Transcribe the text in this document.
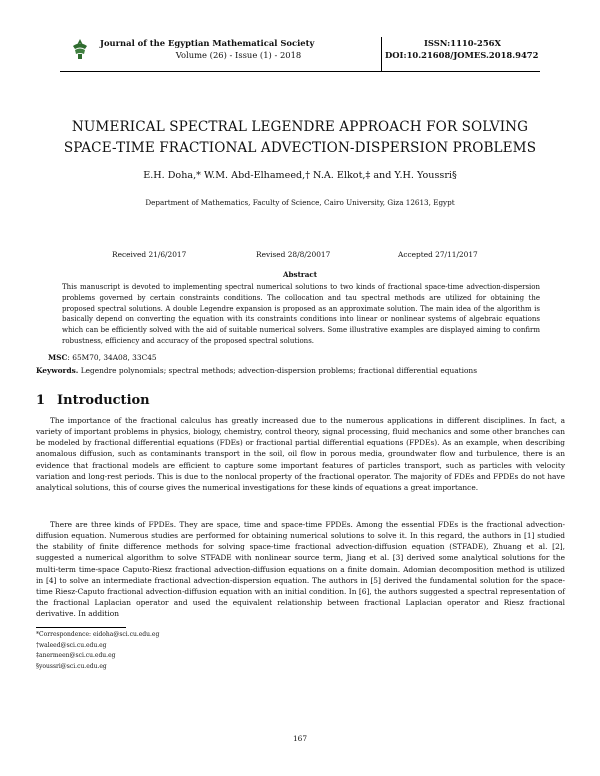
Journal of the Egyptian Mathematical Society
Volume (26) - Issue (1) - 2018
ISSN:1110-256X
DOI:10.21608/JOMES.2018.9472
NUMERICAL SPECTRAL LEGENDRE APPROACH FOR SOLVING
SPACE-TIME FRACTIONAL ADVECTION-DISPERSION PROBLEMS
E.H. Doha,* W.M. Abd-Elhameed,† N.A. Elkot,‡ and Y.H. Youssri§
Department of Mathematics, Faculty of Science, Cairo University, Giza 12613, Egypt
Received 21/6/2017	Revised 28/8/20017	Accepted 27/11/2017
Abstract
This manuscript is devoted to implementing spectral numerical solutions to two kinds of fractional space-time advection-dispersion problems governed by certain constraints conditions. The collocation and tau spectral methods are utilized for obtaining the proposed spectral solutions. A double Legendre expansion is proposed as an approximate solution. The main idea of the algorithm is basically depend on converting the equation with its constraints conditions into linear or nonlinear systems of algebraic equations which can be efficiently solved with the aid of suitable numerical solvers. Some illustrative examples are displayed aiming to confirm robustness, efficiency and accuracy of the proposed spectral solutions.
MSC: 65M70, 34A08, 33C45
Keywords. Legendre polynomials; spectral methods; advection-dispersion problems; fractional differential equations
1 Introduction
The importance of the fractional calculus has greatly increased due to the numerous applications in different disciplines. In fact, a variety of important problems in physics, biology, chemistry, control theory, signal processing, fluid mechanics and some other branches can be modeled by fractional differential equations (FDEs) or fractional partial differential equations (FPDEs). As an example, when describing anomalous diffusion, such as contaminants transport in the soil, oil flow in porous media, groundwater flow and turbulence, there is an evidence that fractional models are efficient to capture some important features of particles transport, such as particles with velocity variation and long-rest periods. This is due to the nonlocal property of the fractional operator. The majority of FDEs and FPDEs do not have analytical solutions, this of course gives the numerical investigations for these kinds of equations a great importance.
There are three kinds of FPDEs. They are space, time and space-time FPDEs. Among the essential FDEs is the fractional advection-diffusion equation. Numerous studies are performed for obtaining numerical solutions to solve it. In this regard, the authors in [1] studied the stability of finite difference methods for solving space-time fractional advection-diffusion equation (STFADE), Zhuang et al. [2], suggested a numerical algorithm to solve STFADE with nonlinear source term, Jiang et al. [3] derived some analytical solutions for the multi-term time-space Caputo-Riesz fractional advection-diffusion equations on a finite domain. Adomian decomposition method is utilized in [4] to solve an intermediate fractional advection-dispersion equation. The authors in [5] derived the fundamental solution for the space-time Riesz-Caputo fractional advection-diffusion equation with an initial condition. In [6], the authors suggested a spectral representation of the fractional Laplacian operator and used the equivalent relationship between fractional Laplacian operator and Riesz fractional derivative. In addition
*Correspondence: eidoha@sci.cu.edu.eg
†waleed@sci.cu.edu.eg
‡anermeen@sci.cu.edu.eg
§youssri@sci.cu.edu.eg
167
